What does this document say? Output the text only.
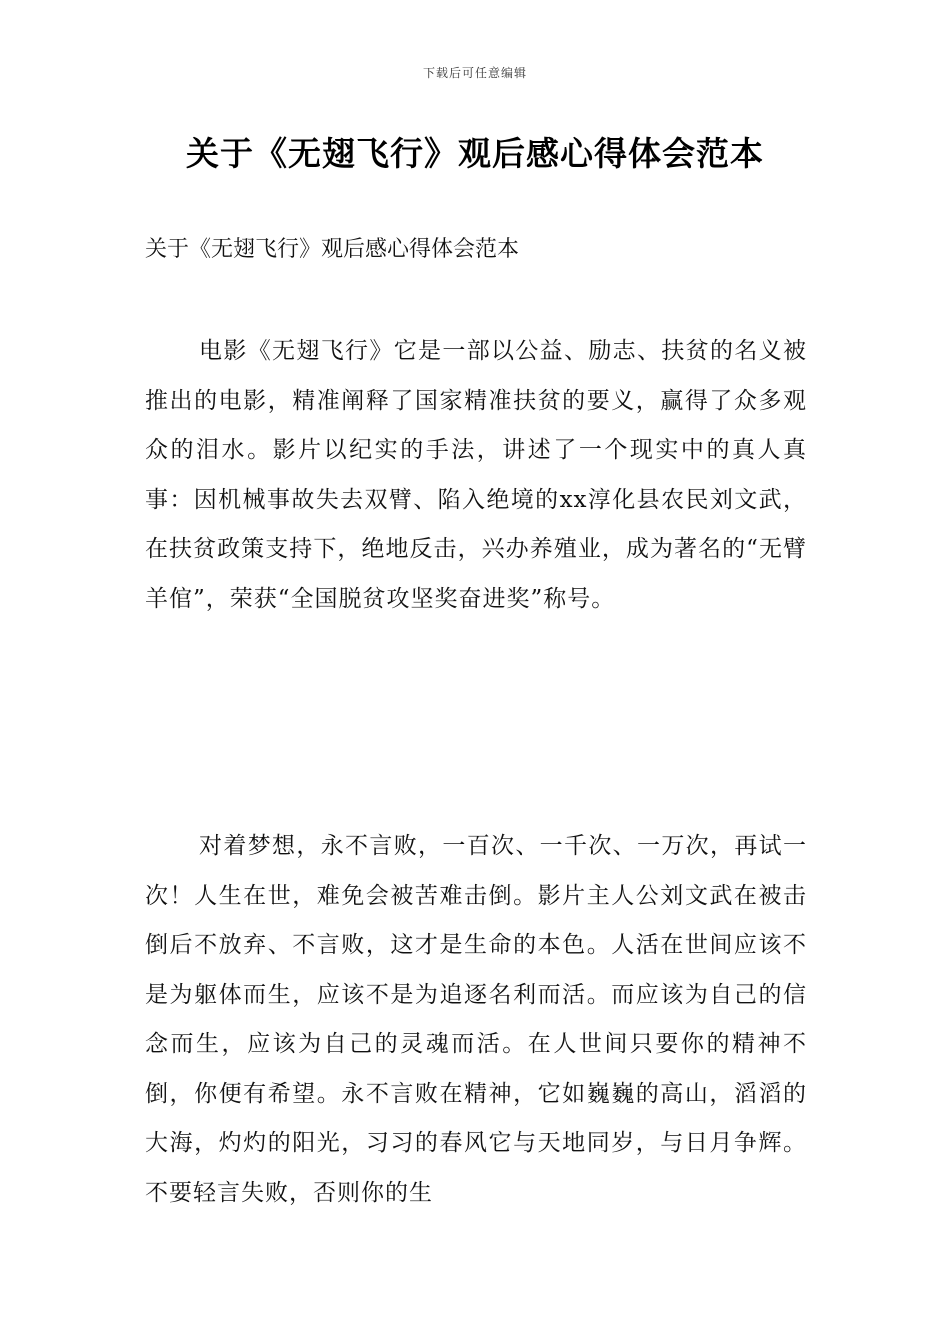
下载后可任意编辑
关于《无翅飞行》观后感心得体会范本
关于《无翅飞行》观后感心得体会范本

电影《无翅飞行》它是一部以公益、励志、扶贫的名义被推出的电影，精准阐释了国家精准扶贫的要义，赢得了众多观众的泪水。影片以纪实的手法，讲述了一个现实中的真人真事：因机械事故失去双臂、陷入绝境的xx淳化县农民刘文武，在扶贫政策支持下，绝地反击，兴办养殖业，成为著名的“无臂羊倌”，荣获“全国脱贫攻坚奖奋进奖”称号。

对着梦想，永不言败，一百次、一千次、一万次，再试一次！人生在世，难免会被苦难击倒。影片主人公刘文武在被击倒后不放弃、不言败，这才是生命的本色。人活在世间应该不是为躯体而生，应该不是为追逐名利而活。而应该为自己的信念而生，应该为自己的灵魂而活。在人世间只要你的精神不倒，你便有希望。永不言败在精神，它如巍巍的高山，滔滔的大海，灼灼的阳光，习习的春风它与天地同岁，与日月争辉。不要轻言失败，否则你的生
